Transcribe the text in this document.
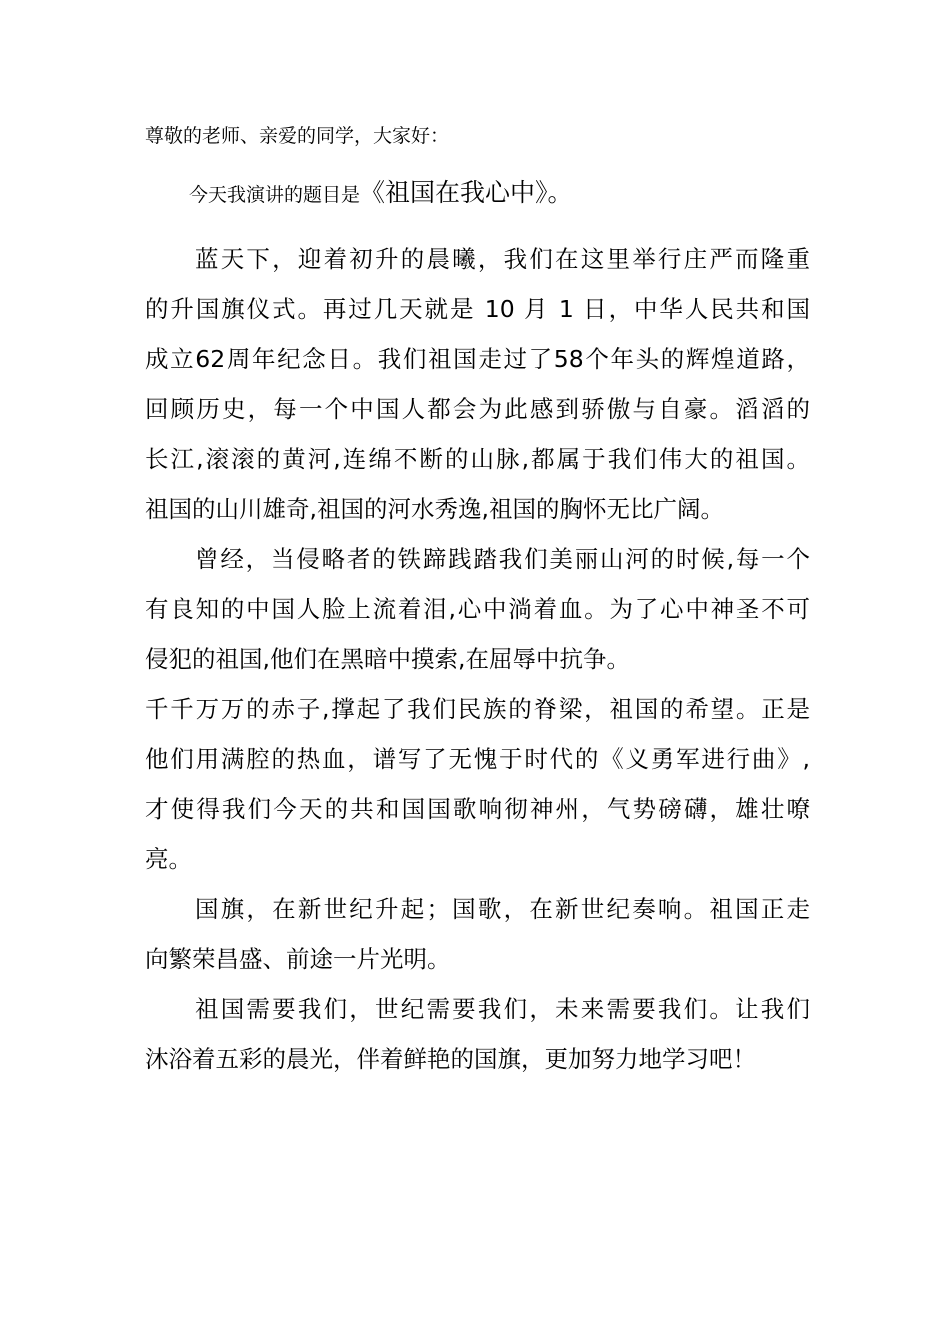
尊敬的老师、亲爱的同学，大家好：
今天我演讲的题目是《祖国在我心中》。
蓝天下，迎着初升的晨曦，我们在这里举行庄严而隆重
的升国旗仪式。再过几天就是 10 月 1 日，中华人民共和国
成立62周年纪念日。我们祖国走过了58个年头的辉煌道路，
回顾历史，每一个中国人都会为此感到骄傲与自豪。滔滔的
长江,滚滚的黄河,连绵不断的山脉,都属于我们伟大的祖国。
祖国的山川雄奇,祖国的河水秀逸,祖国的胸怀无比广阔。
曾经，当侵略者的铁蹄践踏我们美丽山河的时候,每一个
有良知的中国人脸上流着泪,心中淌着血。为了心中神圣不可
侵犯的祖国,他们在黑暗中摸索,在屈辱中抗争。
千千万万的赤子,撑起了我们民族的脊梁，祖国的希望。正是
他们用满腔的热血，谱写了无愧于时代的《义勇军进行曲》,
才使得我们今天的共和国国歌响彻神州，气势磅礴，雄壮嘹
亮。
国旗，在新世纪升起；国歌，在新世纪奏响。祖国正走
向繁荣昌盛、前途一片光明。
祖国需要我们，世纪需要我们，未来需要我们。让我们
沐浴着五彩的晨光，伴着鲜艳的国旗，更加努力地学习吧！
